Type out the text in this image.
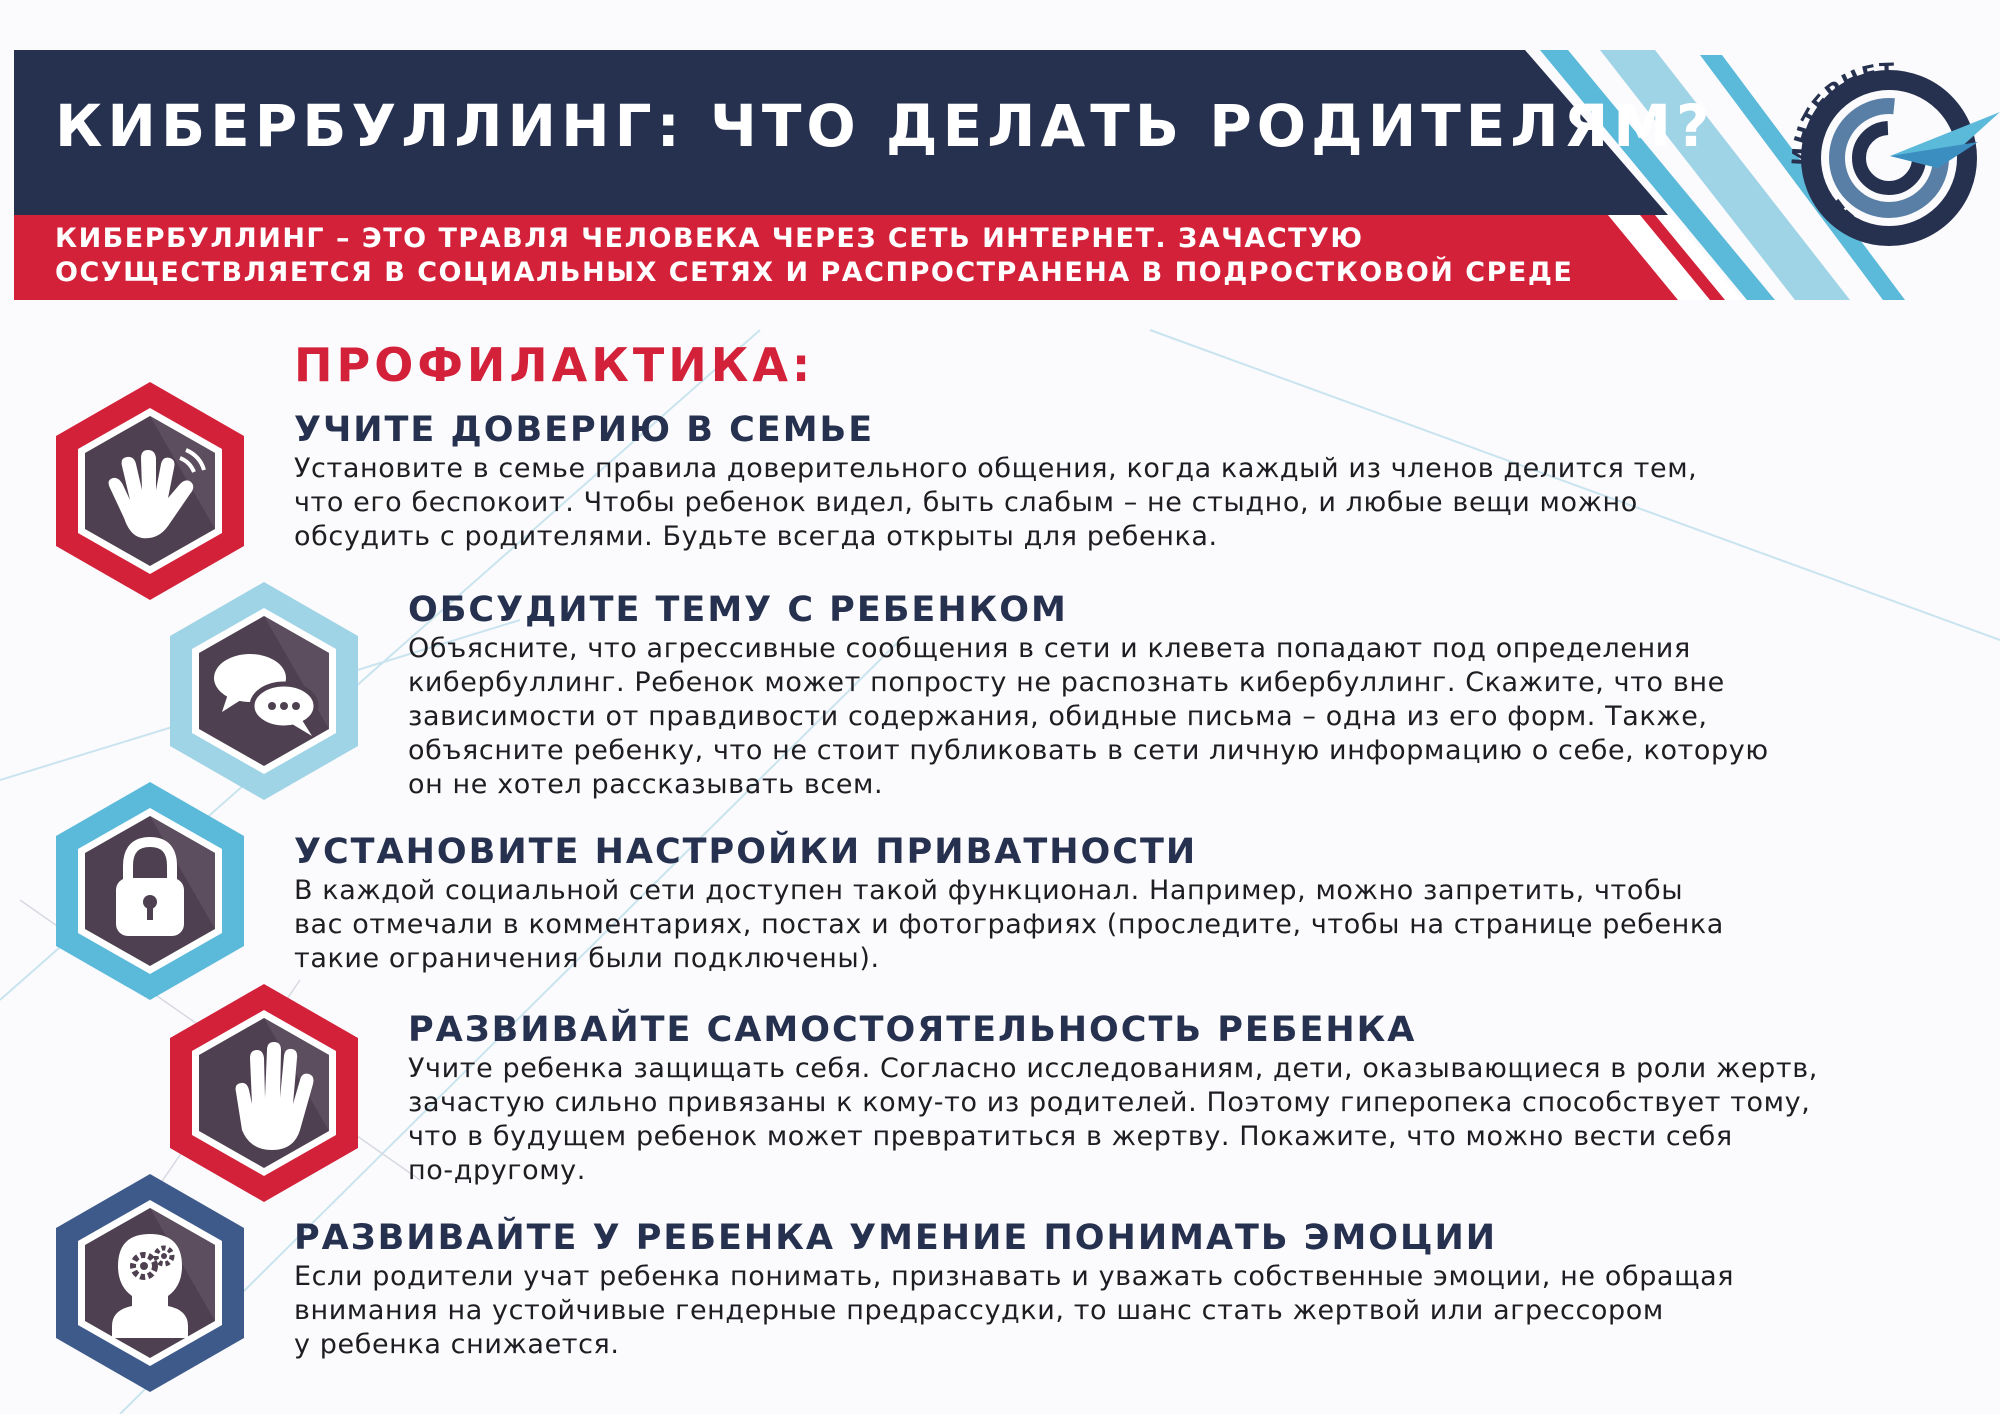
КИБЕРБУЛЛИНГ: ЧТО ДЕЛАТЬ РОДИТЕЛЯМ?
КИБЕРБУЛЛИНГ – ЭТО ТРАВЛЯ ЧЕЛОВЕКА ЧЕРЕЗ СЕТЬ ИНТЕРНЕТ. ЗАЧАСТУЮ
ОСУЩЕСТВЛЯЕТСЯ В СОЦИАЛЬНЫХ СЕТЯХ И РАСПРОСТРАНЕНА В ПОДРОСТКОВОЙ СРЕДЕ
ИНТЕРНЕТ
БЕЗ УГРОЗ
ПРОФИЛАКТИКА:
УЧИТЕ ДОВЕРИЮ В СЕМЬЕ
Установите в семье правила доверительного общения, когда каждый из членов делится тем,
что его беспокоит. Чтобы ребенок видел, быть слабым – не стыдно, и любые вещи можно
обсудить с родителями. Будьте всегда открыты для ребенка.
ОБСУДИТЕ ТЕМУ С РЕБЕНКОМ
Объясните, что агрессивные сообщения в сети и клевета попадают под определения
кибербуллинг. Ребенок может попросту не распознать кибербуллинг. Скажите, что вне
зависимости от правдивости содержания, обидные письма – одна из его форм. Также,
объясните ребенку, что не стоит публиковать в сети личную информацию о себе, которую
он не хотел рассказывать всем.
УСТАНОВИТЕ НАСТРОЙКИ ПРИВАТНОСТИ
В каждой социальной сети доступен такой функционал. Например, можно запретить, чтобы
вас отмечали в комментариях, постах и фотографиях (проследите, чтобы на странице ребенка
такие ограничения были подключены).
РАЗВИВАЙТЕ САМОСТОЯТЕЛЬНОСТЬ РЕБЕНКА
Учите ребенка защищать себя. Согласно исследованиям, дети, оказывающиеся в роли жертв,
зачастую сильно привязаны к кому-то из родителей. Поэтому гиперопека способствует тому,
что в будущем ребенок может превратиться в жертву. Покажите, что можно вести себя
по-другому.
РАЗВИВАЙТЕ У РЕБЕНКА УМЕНИЕ ПОНИМАТЬ ЭМОЦИИ
Если родители учат ребенка понимать, признавать и уважать собственные эмоции, не обращая
внимания на устойчивые гендерные предрассудки, то шанс стать жертвой или агрессором
у ребенка снижается.
